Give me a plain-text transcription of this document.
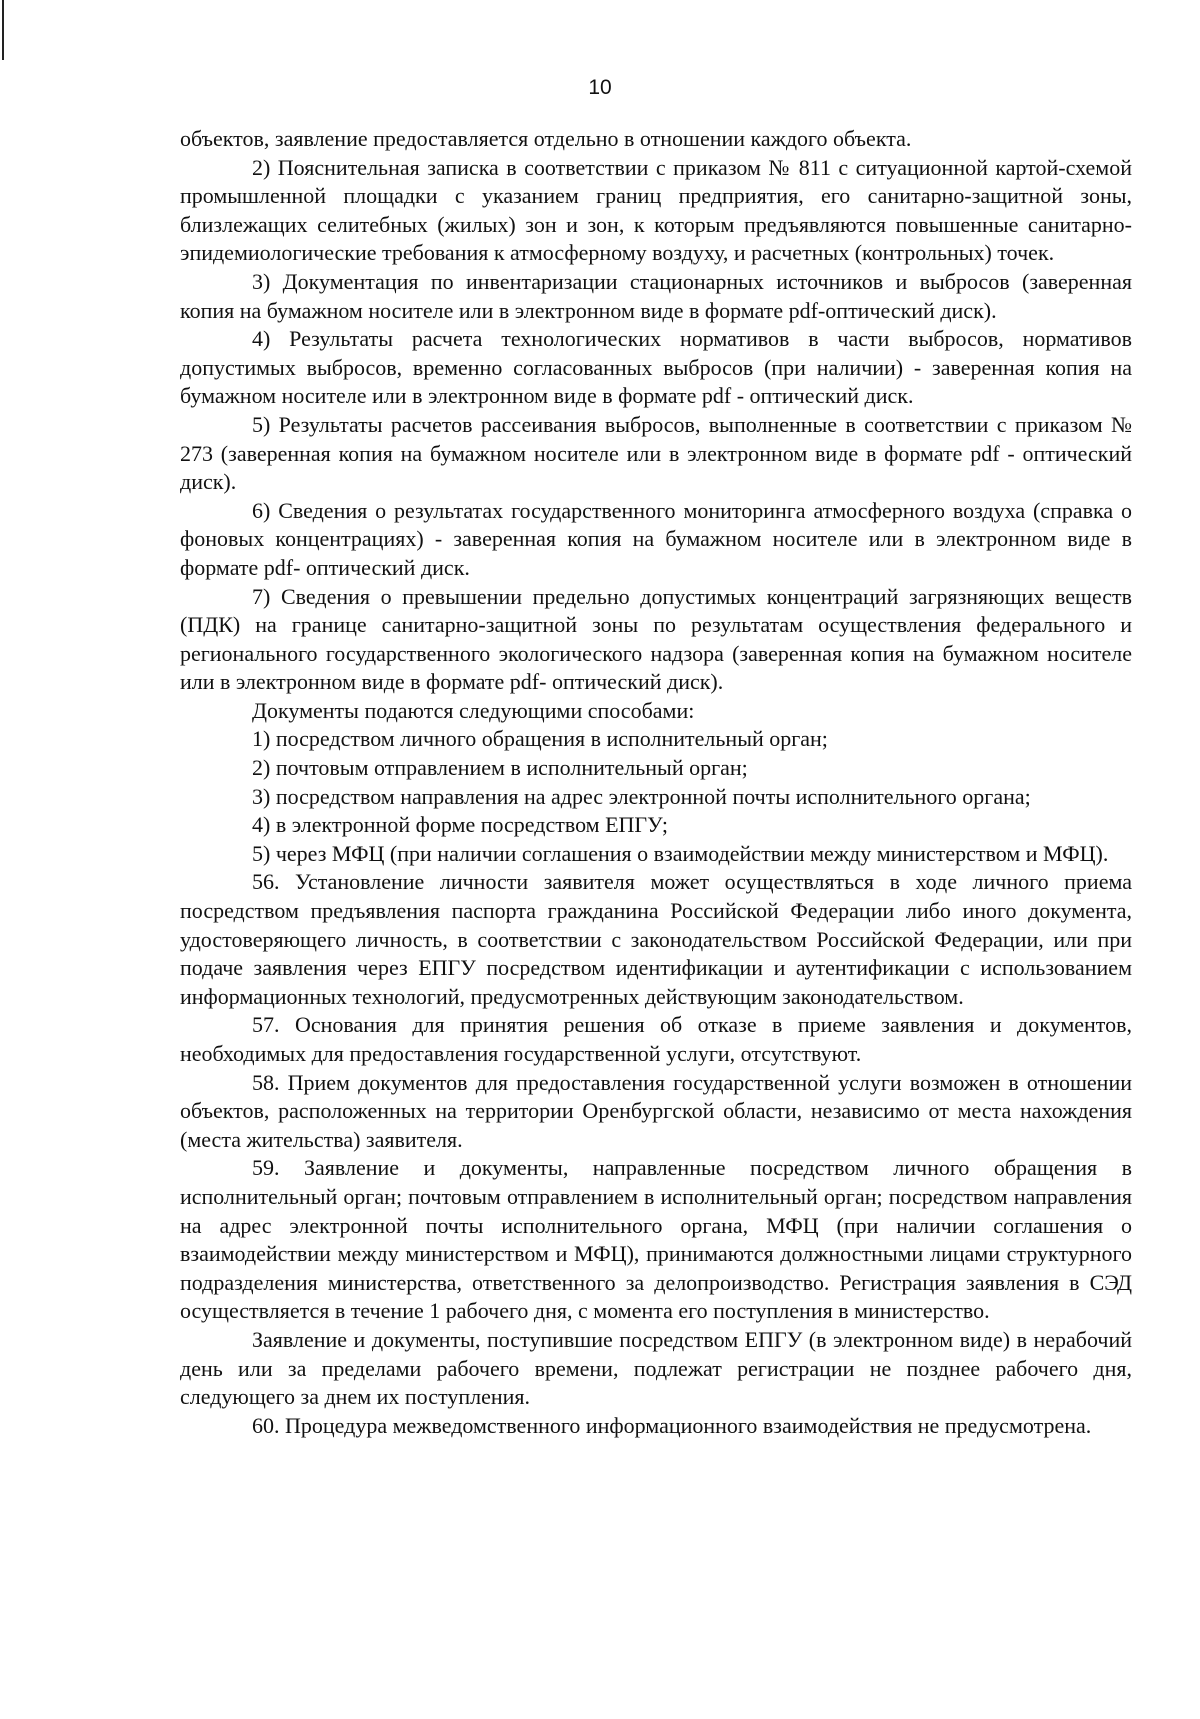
10

объектов, заявление предоставляется отдельно в отношении каждого объекта.

2) Пояснительная записка в соответствии с приказом № 811 с ситуационной картой-схемой промышленной площадки с указанием границ предприятия, его санитарно-защитной зоны, близлежащих селитебных (жилых) зон и зон, к которым предъявляются повышенные санитарно-эпидемиологические требования к атмосферному воздуху, и расчетных (контрольных) точек.

3) Документация по инвентаризации стационарных источников и выбросов (заверенная копия на бумажном носителе или в электронном виде в формате pdf-оптический диск).

4) Результаты расчета технологических нормативов в части выбросов, нормативов допустимых выбросов, временно согласованных выбросов (при наличии) - заверенная копия на бумажном носителе или в электронном виде в формате pdf - оптический диск.

5) Результаты расчетов рассеивания выбросов, выполненные в соответствии с приказом № 273 (заверенная копия на бумажном носителе или в электронном виде в формате pdf - оптический диск).

6) Сведения о результатах государственного мониторинга атмосферного воздуха (справка о фоновых концентрациях) - заверенная копия на бумажном носителе или в электронном виде в формате pdf- оптический диск.

7) Сведения о превышении предельно допустимых концентраций загрязняющих веществ (ПДК) на границе санитарно-защитной зоны по результатам осуществления федерального и регионального государственного экологического надзора (заверенная копия на бумажном носителе или в электронном виде в формате pdf- оптический диск).

Документы подаются следующими способами:

1) посредством личного обращения в исполнительный орган;

2) почтовым отправлением в исполнительный орган;

3) посредством направления на адрес электронной почты исполнительного органа;

4) в электронной форме посредством ЕПГУ;

5) через МФЦ (при наличии соглашения о взаимодействии между министерством и МФЦ).

56. Установление личности заявителя может осуществляться в ходе личного приема посредством предъявления паспорта гражданина Российской Федерации либо иного документа, удостоверяющего личность, в соответствии с законодательством Российской Федерации, или при подаче заявления через ЕПГУ посредством идентификации и аутентификации с использованием информационных технологий, предусмотренных действующим законодательством.

57. Основания для принятия решения об отказе в приеме заявления и документов, необходимых для предоставления государственной услуги, отсутствуют.

58. Прием документов для предоставления государственной услуги возможен в отношении объектов, расположенных на территории Оренбургской области, независимо от места нахождения (места жительства) заявителя.

59. Заявление и документы, направленные посредством личного обращения в исполнительный орган; почтовым отправлением в исполнительный орган; посредством направления на адрес электронной почты исполнительного органа, МФЦ (при наличии соглашения о взаимодействии между министерством и МФЦ), принимаются должностными лицами структурного подразделения министерства, ответственного за делопроизводство. Регистрация заявления в СЭД осуществляется в течение 1 рабочего дня, с момента его поступления в министерство.

Заявление и документы, поступившие посредством ЕПГУ (в электронном виде) в нерабочий день или за пределами рабочего времени, подлежат регистрации не позднее рабочего дня, следующего за днем их поступления.

60. Процедура межведомственного информационного взаимодействия не предусмотрена.
